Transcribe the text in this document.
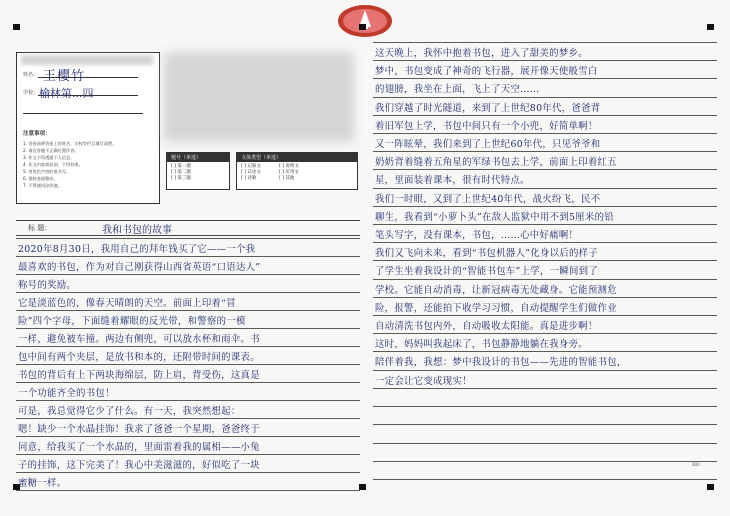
姓名： 王樱竹
学校： 榆林第...四
注意事项：
1. 答卷前将答卷上的姓名、学校等栏目填写清楚。
2. 请在答题卡正确位置作答。
3. 作文不得透露个人信息。
4. 作文内容需原创，不得抄袭。
5. 用黑色字迹的笔书写。
6. 保持卷面整洁。
7. 不得使用涂改液。
题号（单选）
[ ] 第一题
[ ] 第二题
[ ] 第三题
文体类型（单选）
[ ] 记叙文	[ ] 说明文
[ ] 议论文	[ ] 应用文
[ ] 诗歌	[ ] 其他
标 题：	我和书包的故事
2020年8月30日，我用自己的拜年钱买了它——一个我
最喜欢的书包，作为对自己刚获得山西省英语“口语达人”
称号的奖励。
它是淡蓝色的，像春天晴朗的天空。前面上印着“冒
险”四个字母，下面缝着耀眼的反光带，和警察的一模
一样，避免被车撞。两边有侧兜，可以放水杯和雨伞。书
包中间有两个夹层，是放书和本的，还附带时间的课表。
书包的背后有上下两块海绵层，防上肩，背受伤，这真是
一个功能齐全的书包！
可是，我总觉得它少了什么。有一天，我突然想起：
嗯！缺少一个水晶挂饰！我求了爸爸一个星期，爸爸终于
同意，给我买了一个水晶的，里面雷着我的属相——小兔
子的挂饰，这下完美了！我心中美滋滋的，好似吃了一块
蜜糖一样。
这天晚上，我怀中抱着书包，进入了甜美的梦乡。
梦中，书包变成了神奇的飞行器，展开像天使般雪白
的翅膀，我坐在上面，飞上了天空……
我们穿越了时光隧道，来到了上世纪80年代，爸爸背
着旧军包上学，书包中间只有一个小兜，好简单啊！
又一阵眩晕，我们来到了上世纪60年代，只见爷爷和
奶奶背着缝着五角星的军绿书包去上学，前面上印着红五
星，里面装着课本，很有时代特点。
我们一时眼，又到了上世纪40年代，战火纷飞，民不
聊生，我看到“小萝卜头”在敌人监狱中用不到5厘米的铅
笔头写字，没有课本，书包，……心中好痛啊！
我们又飞向未来，看到“书包机器人”化身以后的样子
了学生坐着我设计的“智能书包车”上学，一瞬间到了
学校。它能自动消毒，让新冠病毒无处藏身。它能预测危
险，报警，还能拍下收学习习惯，自动提醒学生们做作业
自动清洗书包内外，自动吸收太阳能。真是进步啊！
这时，妈妈叫我起床了，书包静静地躺在我身旁。
陪伴着我，我想：梦中我设计的书包——先进的智能书包，
一定会让它变成现实！
600
